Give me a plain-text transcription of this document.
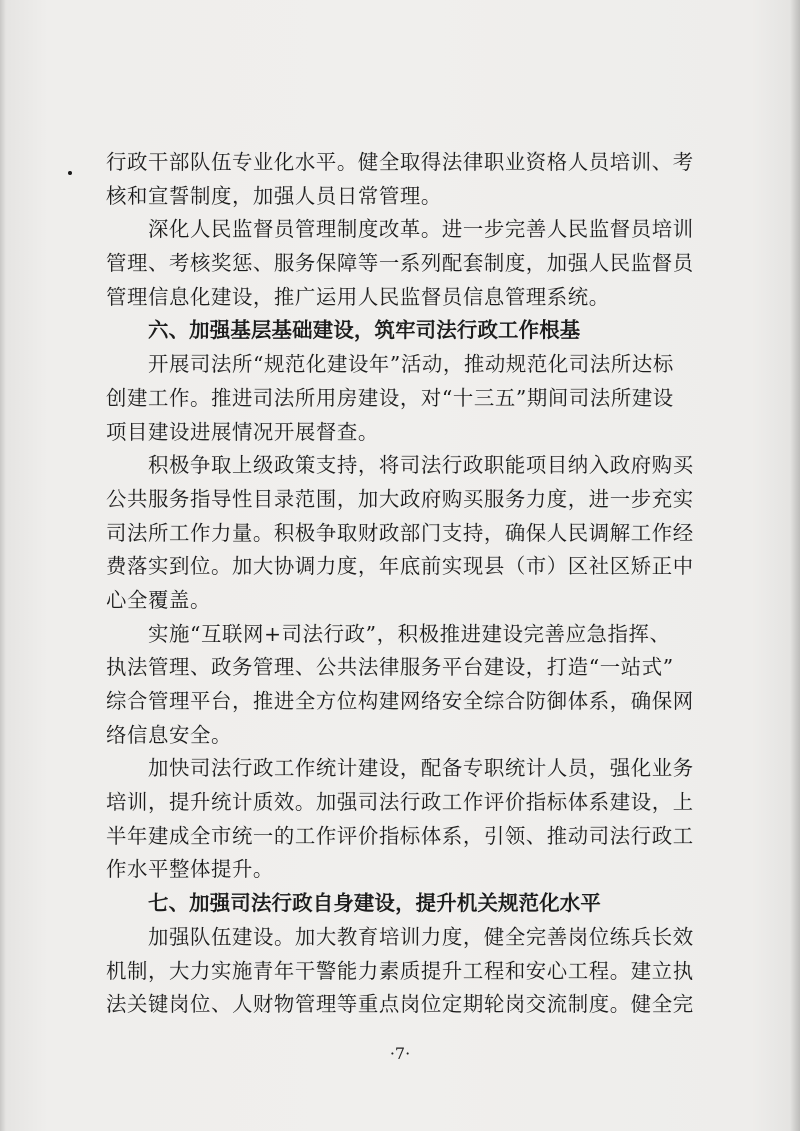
行政干部队伍专业化水平。健全取得法律职业资格人员培训、考
核和宣誓制度，加强人员日常管理。
深化人民监督员管理制度改革。进一步完善人民监督员培训
管理、考核奖惩、服务保障等一系列配套制度，加强人民监督员
管理信息化建设，推广运用人民监督员信息管理系统。
六、加强基层基础建设，筑牢司法行政工作根基
开展司法所“规范化建设年”活动，推动规范化司法所达标
创建工作。推进司法所用房建设，对“十三五”期间司法所建设
项目建设进展情况开展督查。
积极争取上级政策支持，将司法行政职能项目纳入政府购买
公共服务指导性目录范围，加大政府购买服务力度，进一步充实
司法所工作力量。积极争取财政部门支持，确保人民调解工作经
费落实到位。加大协调力度，年底前实现县（市）区社区矫正中
心全覆盖。
实施“互联网+司法行政”，积极推进建设完善应急指挥、
执法管理、政务管理、公共法律服务平台建设，打造“一站式”
综合管理平台，推进全方位构建网络安全综合防御体系，确保网
络信息安全。
加快司法行政工作统计建设，配备专职统计人员，强化业务
培训，提升统计质效。加强司法行政工作评价指标体系建设，上
半年建成全市统一的工作评价指标体系，引领、推动司法行政工
作水平整体提升。
七、加强司法行政自身建设，提升机关规范化水平
加强队伍建设。加大教育培训力度，健全完善岗位练兵长效
机制，大力实施青年干警能力素质提升工程和安心工程。建立执
法关键岗位、人财物管理等重点岗位定期轮岗交流制度。健全完
·7·
